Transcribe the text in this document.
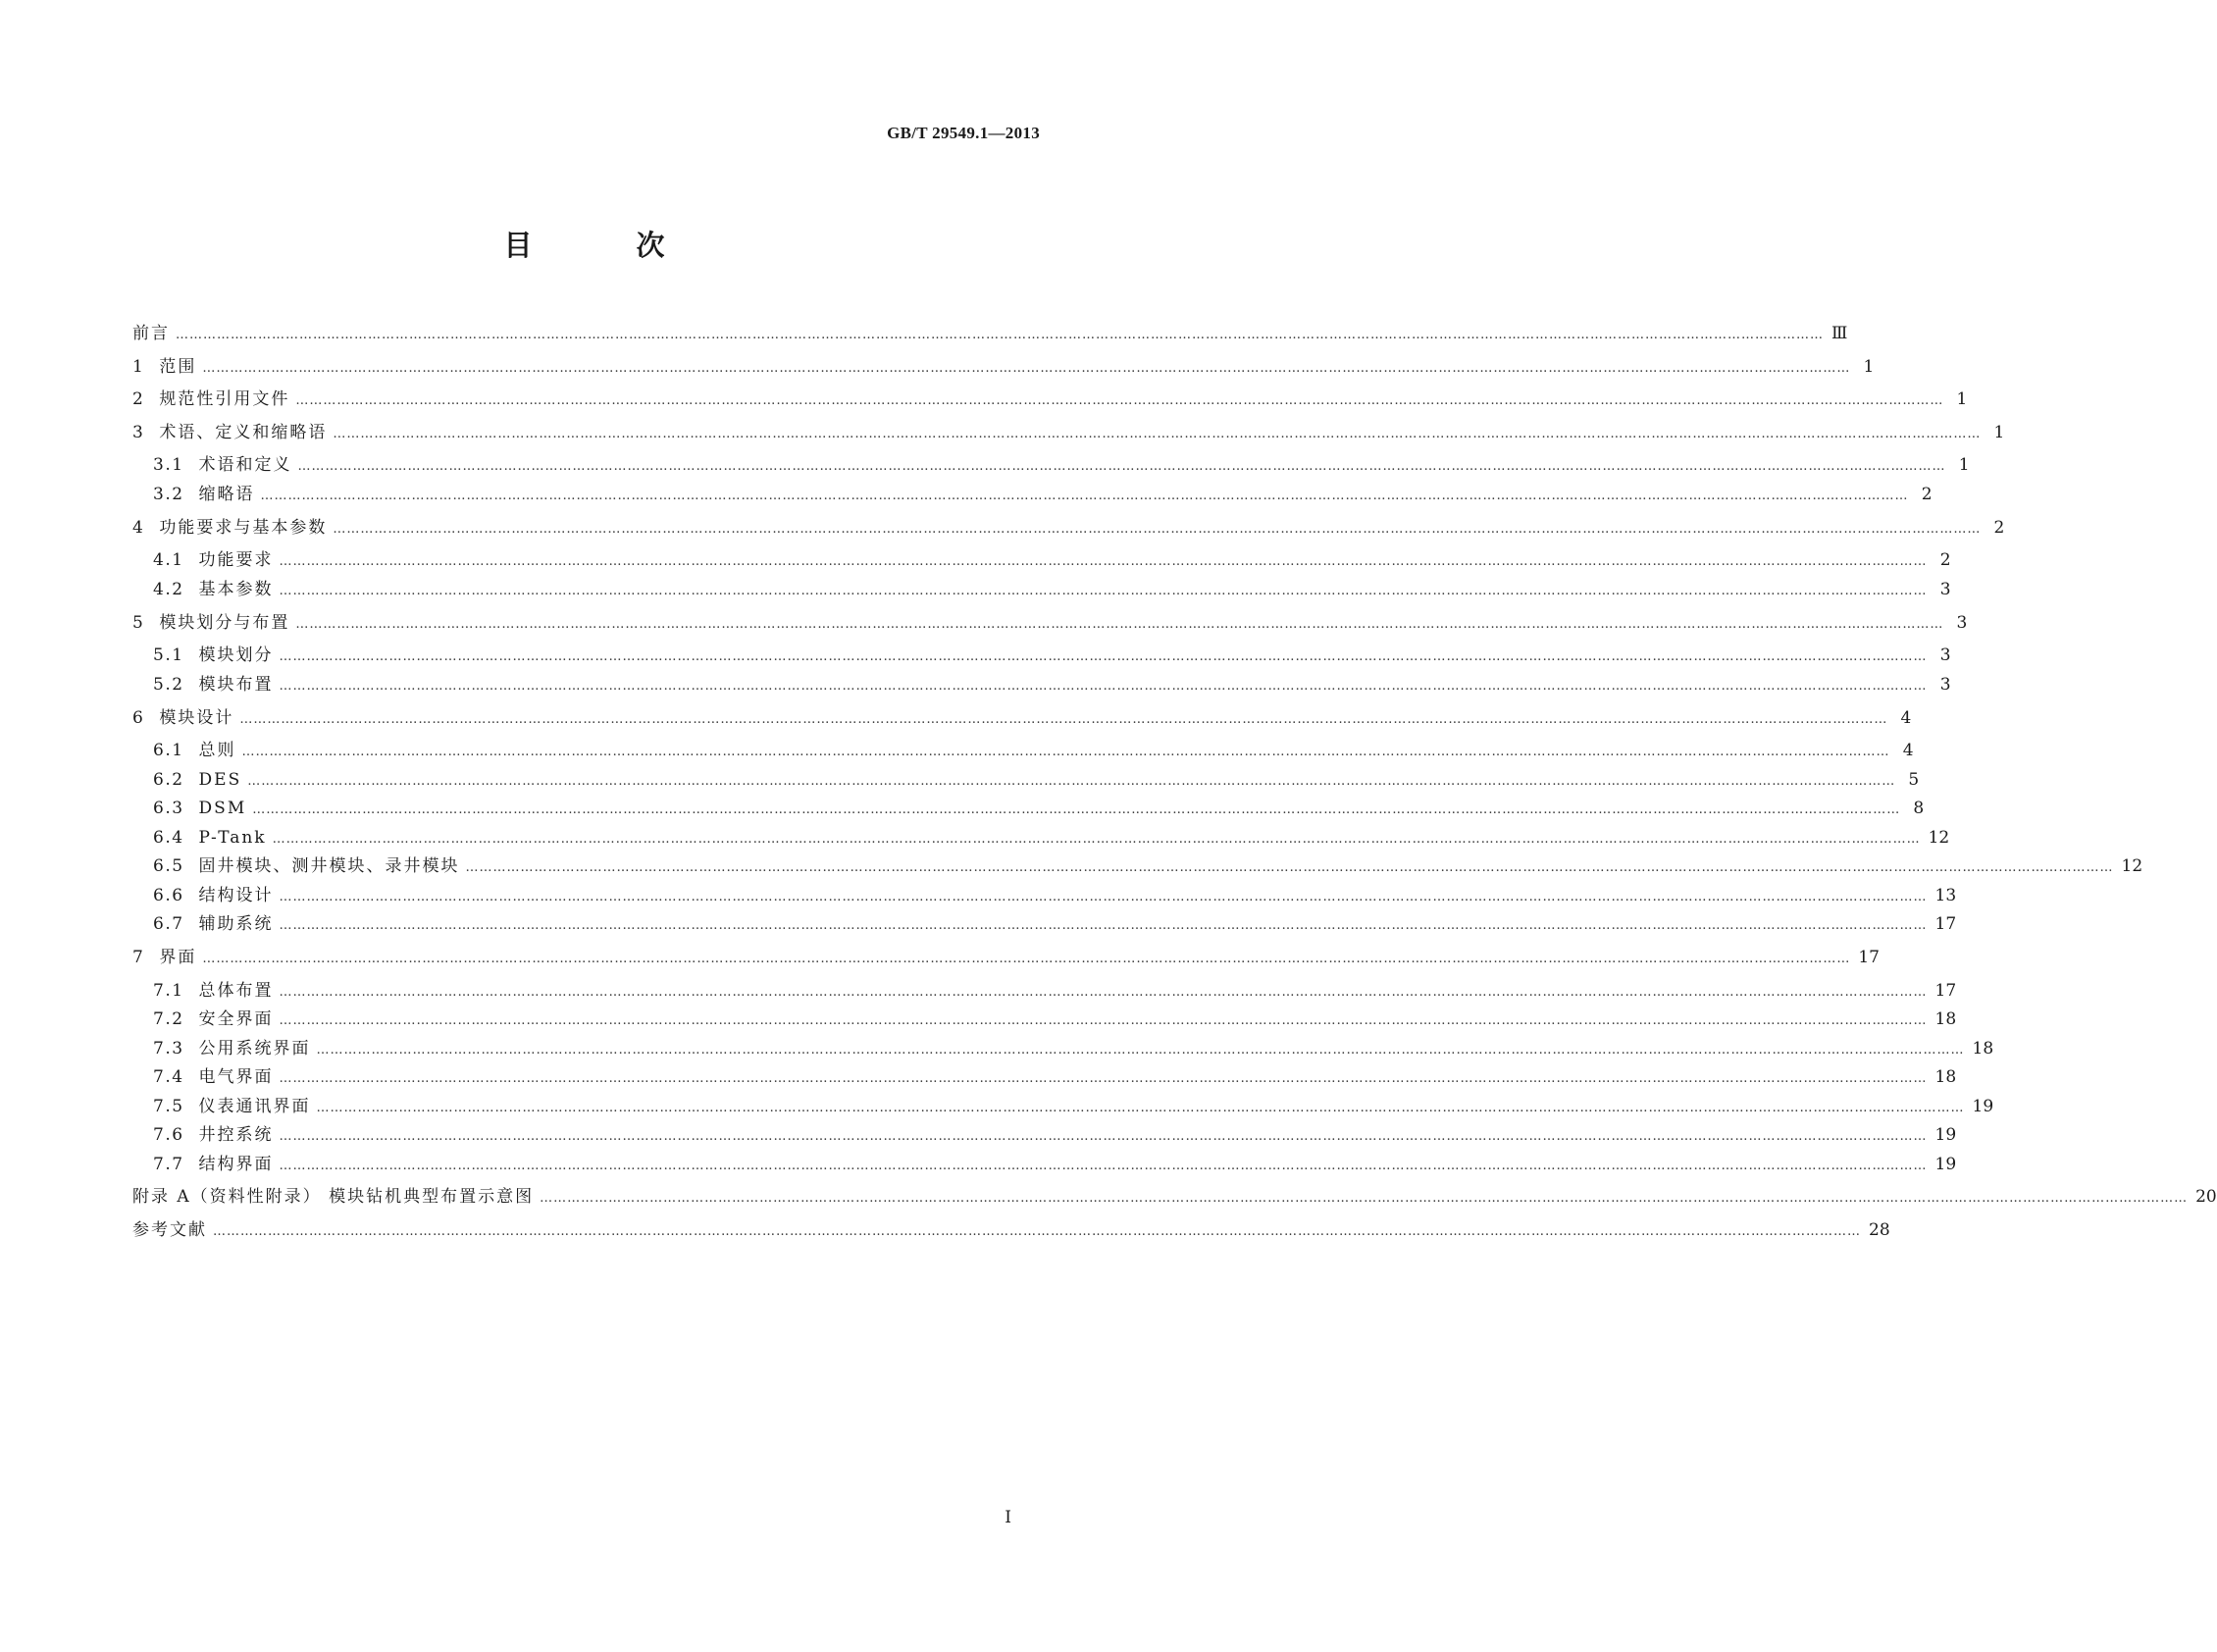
GB/T 29549.1—2013
目 次
前言 ……………………………………………………………………………………………………………………………………………………………………………………………………………………………………………………………………………………………………………………………… Ⅲ
1 范围 ……………………………………………………………………………………………………………………………………………………………………………………………………………………………………………………………………………………………………………………………… 1
2 规范性引用文件 ……………………………………………………………………………………………………………………………………………………………………………………………………………………………………………………………………………………………………………………………… 1
3 术语、定义和缩略语 ……………………………………………………………………………………………………………………………………………………………………………………………………………………………………………………………………………………………………………………………… 1
3.1 术语和定义 ……………………………………………………………………………………………………………………………………………………………………………………………………………………………………………………………………………………………………………………………… 1
3.2 缩略语 ……………………………………………………………………………………………………………………………………………………………………………………………………………………………………………………………………………………………………………………………… 2
4 功能要求与基本参数 ……………………………………………………………………………………………………………………………………………………………………………………………………………………………………………………………………………………………………………………………… 2
4.1 功能要求 ……………………………………………………………………………………………………………………………………………………………………………………………………………………………………………………………………………………………………………………………… 2
4.2 基本参数 ……………………………………………………………………………………………………………………………………………………………………………………………………………………………………………………………………………………………………………………………… 3
5 模块划分与布置 ……………………………………………………………………………………………………………………………………………………………………………………………………………………………………………………………………………………………………………………………… 3
5.1 模块划分 ……………………………………………………………………………………………………………………………………………………………………………………………………………………………………………………………………………………………………………………………… 3
5.2 模块布置 ……………………………………………………………………………………………………………………………………………………………………………………………………………………………………………………………………………………………………………………………… 3
6 模块设计 ……………………………………………………………………………………………………………………………………………………………………………………………………………………………………………………………………………………………………………………………… 4
6.1 总则 ……………………………………………………………………………………………………………………………………………………………………………………………………………………………………………………………………………………………………………………………… 4
6.2 DES ……………………………………………………………………………………………………………………………………………………………………………………………………………………………………………………………………………………………………………………………… 5
6.3 DSM ……………………………………………………………………………………………………………………………………………………………………………………………………………………………………………………………………………………………………………………………… 8
6.4 P-Tank ……………………………………………………………………………………………………………………………………………………………………………………………………………………………………………………………………………………………………………………………… 12
6.5 固井模块、测井模块、录井模块 ……………………………………………………………………………………………………………………………………………………………………………………………………………………………………………………………………………………………………………………………… 12
6.6 结构设计 ……………………………………………………………………………………………………………………………………………………………………………………………………………………………………………………………………………………………………………………………… 13
6.7 辅助系统 ……………………………………………………………………………………………………………………………………………………………………………………………………………………………………………………………………………………………………………………………… 17
7 界面 ……………………………………………………………………………………………………………………………………………………………………………………………………………………………………………………………………………………………………………………………… 17
7.1 总体布置 ……………………………………………………………………………………………………………………………………………………………………………………………………………………………………………………………………………………………………………………………… 17
7.2 安全界面 ……………………………………………………………………………………………………………………………………………………………………………………………………………………………………………………………………………………………………………………………… 18
7.3 公用系统界面 ……………………………………………………………………………………………………………………………………………………………………………………………………………………………………………………………………………………………………………………………… 18
7.4 电气界面 ……………………………………………………………………………………………………………………………………………………………………………………………………………………………………………………………………………………………………………………………… 18
7.5 仪表通讯界面 ……………………………………………………………………………………………………………………………………………………………………………………………………………………………………………………………………………………………………………………………… 19
7.6 井控系统 ……………………………………………………………………………………………………………………………………………………………………………………………………………………………………………………………………………………………………………………………… 19
7.7 结构界面 ……………………………………………………………………………………………………………………………………………………………………………………………………………………………………………………………………………………………………………………………… 19
附录 A（资料性附录） 模块钻机典型布置示意图 ……………………………………………………………………………………………………………………………………………………………………………………………………………………………………………………………………………………………………………………………… 20
参考文献 ……………………………………………………………………………………………………………………………………………………………………………………………………………………………………………………………………………………………………………………………… 28
I
